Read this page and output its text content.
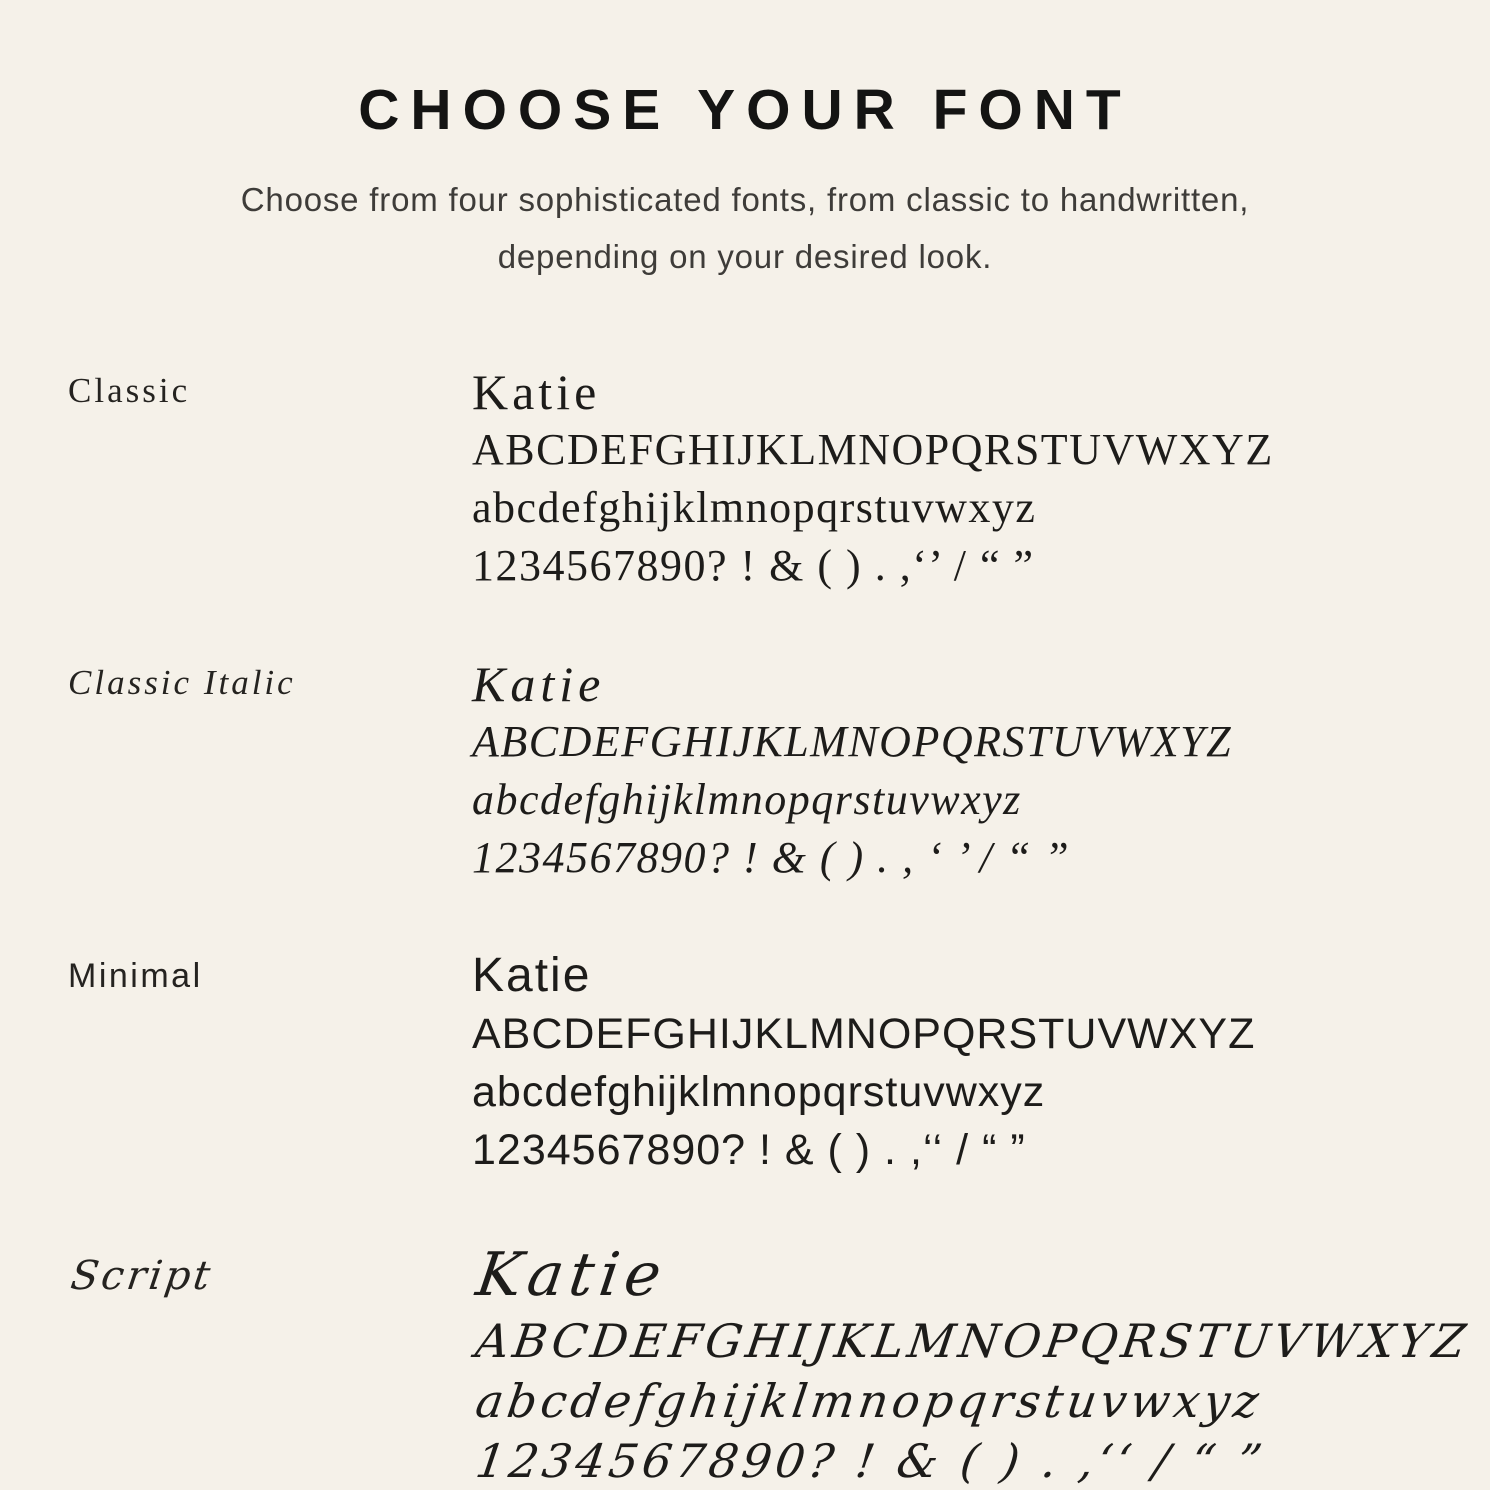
CHOOSE YOUR FONT
Choose from four sophisticated fonts, from classic to handwritten,
depending on your desired look.
Classic	Katie
ABCDEFGHIJKLMNOPQRSTUVWXYZ
abcdefghijklmnopqrstuvwxyz
1234567890? ! & ( ) . ,‘’ / “ ”
Classic Italic	Katie
ABCDEFGHIJKLMNOPQRSTUVWXYZ
abcdefghijklmnopqrstuvwxyz
1234567890? ! & ( ) . , ‘ ’ / “ ”
Minimal	Katie
ABCDEFGHIJKLMNOPQRSTUVWXYZ
abcdefghijklmnopqrstuvwxyz
1234567890? ! & ( ) . ,‘‘ / “ ”
Script	Katie
ABCDEFGHIJKLMNOPQRSTUVWXYZ
abcdefghijklmnopqrstuvwxyz
1234567890? ! & ( ) . ,‘‘ / “ ”
